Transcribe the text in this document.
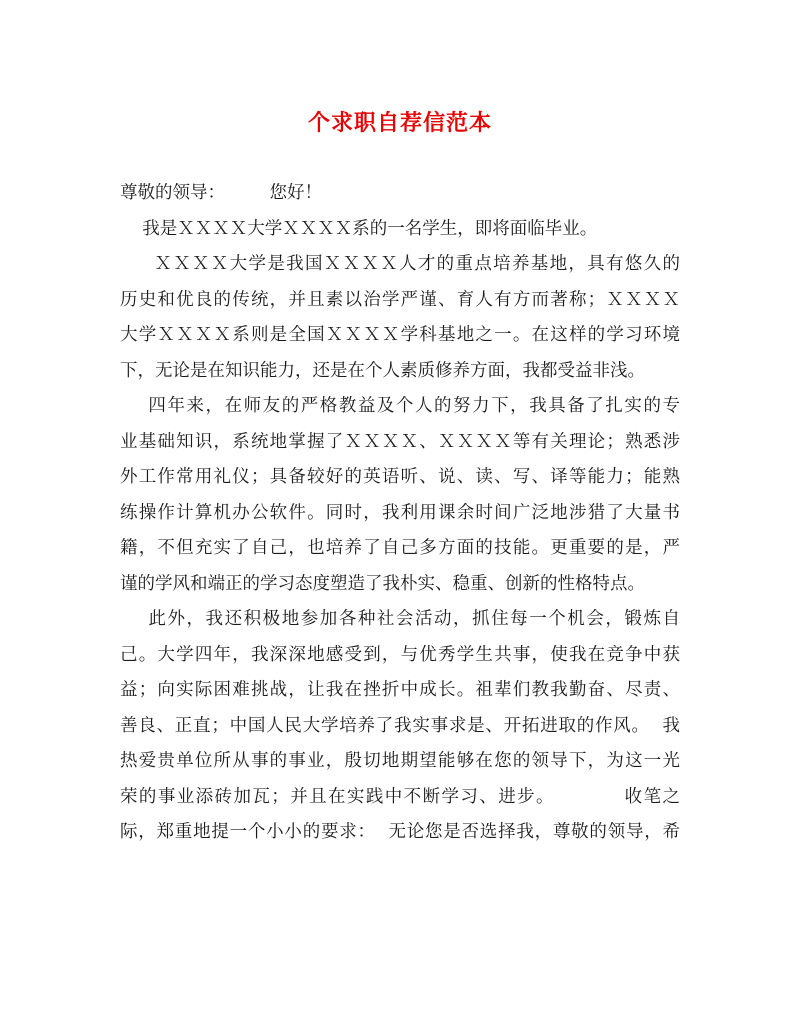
个求职自荐信范本
尊敬的领导：        您好！
我是ＸＸＸＸ大学ＸＸＸＸ系的一名学生，即将面临毕业。
ＸＸＸＸ大学是我国ＸＸＸＸ人才的重点培养基地，具有悠久的
历史和优良的传统，并且素以治学严谨、育人有方而著称；ＸＸＸＸ
大学ＸＸＸＸ系则是全国ＸＸＸＸ学科基地之一。在这样的学习环境
下，无论是在知识能力，还是在个人素质修养方面，我都受益非浅。
四年来，在师友的严格教益及个人的努力下，我具备了扎实的专
业基础知识，系统地掌握了ＸＸＸＸ、ＸＸＸＸ等有关理论；熟悉涉
外工作常用礼仪；具备较好的英语听、说、读、写、译等能力；能熟
练操作计算机办公软件。同时，我利用课余时间广泛地涉猎了大量书
籍，不但充实了自己，也培养了自己多方面的技能。更重要的是，严
谨的学风和端正的学习态度塑造了我朴实、稳重、创新的性格特点。
此外，我还积极地参加各种社会活动，抓住每一个机会，锻炼自
己。大学四年，我深深地感受到，与优秀学生共事，使我在竞争中获
益；向实际困难挑战，让我在挫折中成长。祖辈们教我勤奋、尽责、
善良、正直；中国人民大学培养了我实事求是、开拓进取的作风。  我
热爱贵单位所从事的事业，殷切地期望能够在您的领导下，为这一光
荣的事业添砖加瓦；并且在实践中不断学习、进步。          收笔之
际，郑重地提一个小小的要求：  无论您是否选择我，尊敬的领导，希
